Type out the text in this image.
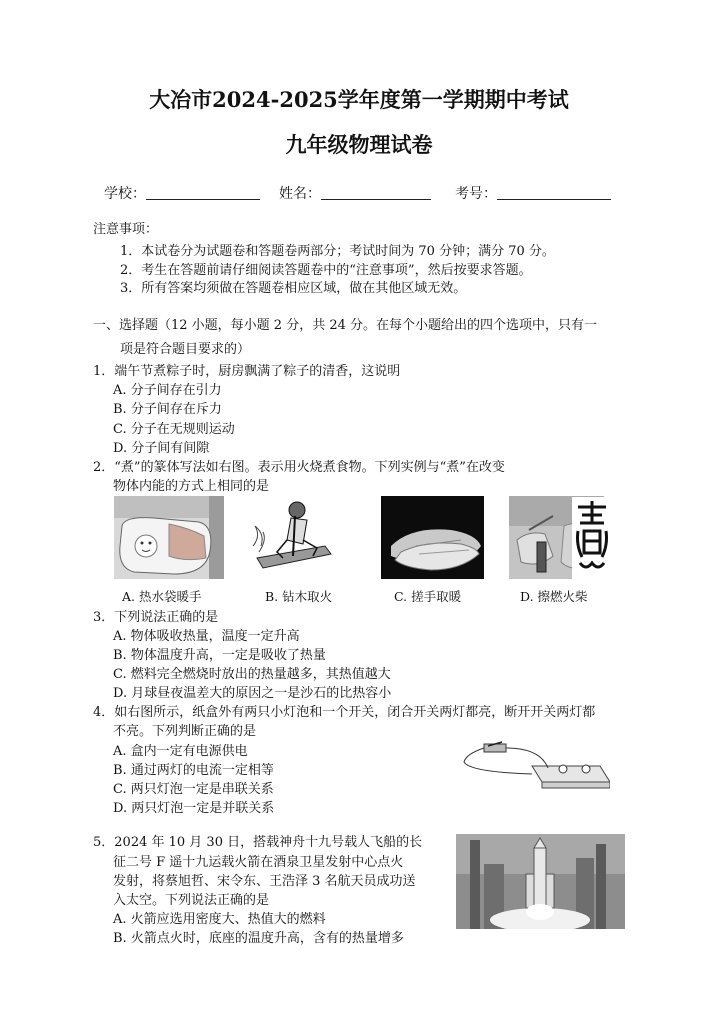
大冶市2024-2025学年度第一学期期中考试
九年级物理试卷
学校：	姓名：	考号：
注意事项：
1．本试卷分为试题卷和答题卷两部分；考试时间为 70 分钟；满分 70 分。
2．考生在答题前请仔细阅读答题卷中的“注意事项”，然后按要求答题。
3．所有答案均须做在答题卷相应区域，做在其他区域无效。
一、选择题（12 小题，每小题 2 分，共 24 分。在每个小题给出的四个选项中，只有一
项是符合题目要求的）
1．端午节煮粽子时，厨房飘满了粽子的清香，这说明
A. 分子间存在引力
B. 分子间存在斥力
C. 分子在无规则运动
D. 分子间有间隙
2．“煮”的篆体写法如右图。表示用火烧煮食物。下列实例与“煮”在改变
物体内能的方式上相同的是
A. 热水袋暖手	B. 钻木取火	C. 搓手取暖	D. 擦燃火柴
3．下列说法正确的是
A. 物体吸收热量，温度一定升高
B. 物体温度升高，一定是吸收了热量
C. 燃料完全燃烧时放出的热量越多，其热值越大
D. 月球昼夜温差大的原因之一是沙石的比热容小
4．如右图所示，纸盒外有两只小灯泡和一个开关，闭合开关两灯都亮，断开开关两灯都
不亮。下列判断正确的是
A. 盒内一定有电源供电
B. 通过两灯的电流一定相等
C. 两只灯泡一定是串联关系
D. 两只灯泡一定是并联关系
5．2024 年 10 月 30 日，搭载神舟十九号载人飞船的长
征二号 F 遥十九运载火箭在酒泉卫星发射中心点火
发射，将蔡旭哲、宋令东、王浩泽 3 名航天员成功送
入太空。下列说法正确的是
A. 火箭应选用密度大、热值大的燃料
B. 火箭点火时，底座的温度升高，含有的热量增多
